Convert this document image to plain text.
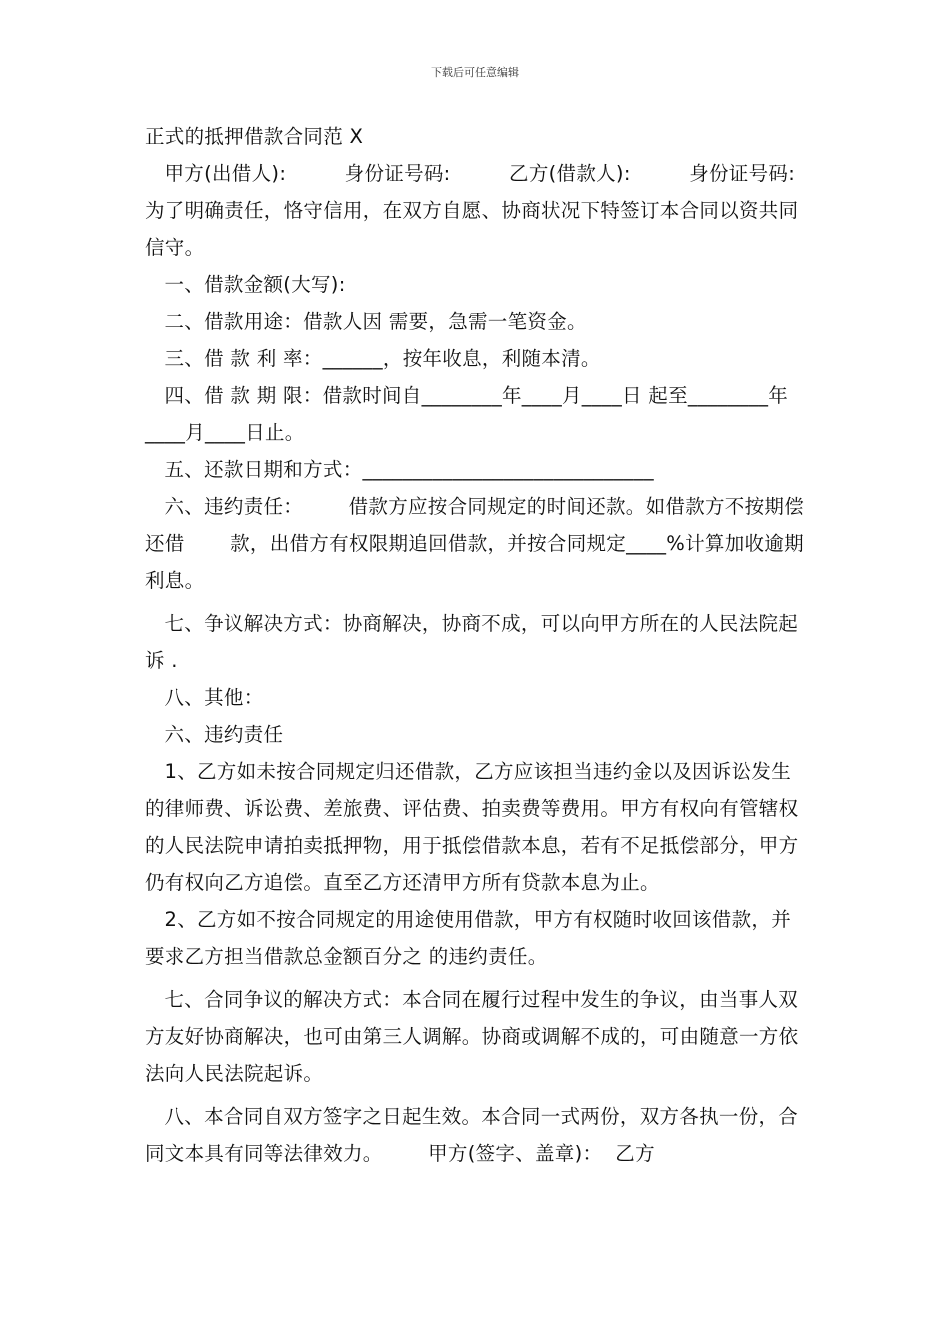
下载后可任意编辑

正式的抵押借款合同范 X

甲方(出借人):         身份证号码:         乙方(借款人):         身份证号码:         为了明确责任，恪守信用，在双方自愿、协商状况下特签订本合同以资共同信守。

一、借款金额(大写):

二、借款用途：借款人因 需要，急需一笔资金。

三、借 款 利 率：______，按年收息，利随本清。

四、借 款 期 限：借款时间自________年____月____日 起至________年____月____日止。

五、还款日期和方式：_____________________________

六、违约责任：       借款方应按合同规定的时间还款。如借款方不按期偿还借       款，出借方有权限期追回借款，并按合同规定____%计算加收逾期利息。

七、争议解决方式：协商解决，协商不成，可以向甲方所在的人民法院起诉 .

八、其他：

六、违约责任

1、乙方如未按合同规定归还借款，乙方应该担当违约金以及因诉讼发生的律师费、诉讼费、差旅费、评估费、拍卖费等费用。甲方有权向有管辖权的人民法院申请拍卖抵押物，用于抵偿借款本息，若有不足抵偿部分，甲方仍有权向乙方追偿。直至乙方还清甲方所有贷款本息为止。

2、乙方如不按合同规定的用途使用借款，甲方有权随时收回该借款，并要求乙方担当借款总金额百分之 的违约责任。

七、合同争议的解决方式：本合同在履行过程中发生的争议，由当事人双方友好协商解决，也可由第三人调解。协商或调解不成的，可由随意一方依法向人民法院起诉。

八、本合同自双方签字之日起生效。本合同一式两份，双方各执一份，合同文本具有同等法律效力。       甲方(签字、盖章)：  乙方
